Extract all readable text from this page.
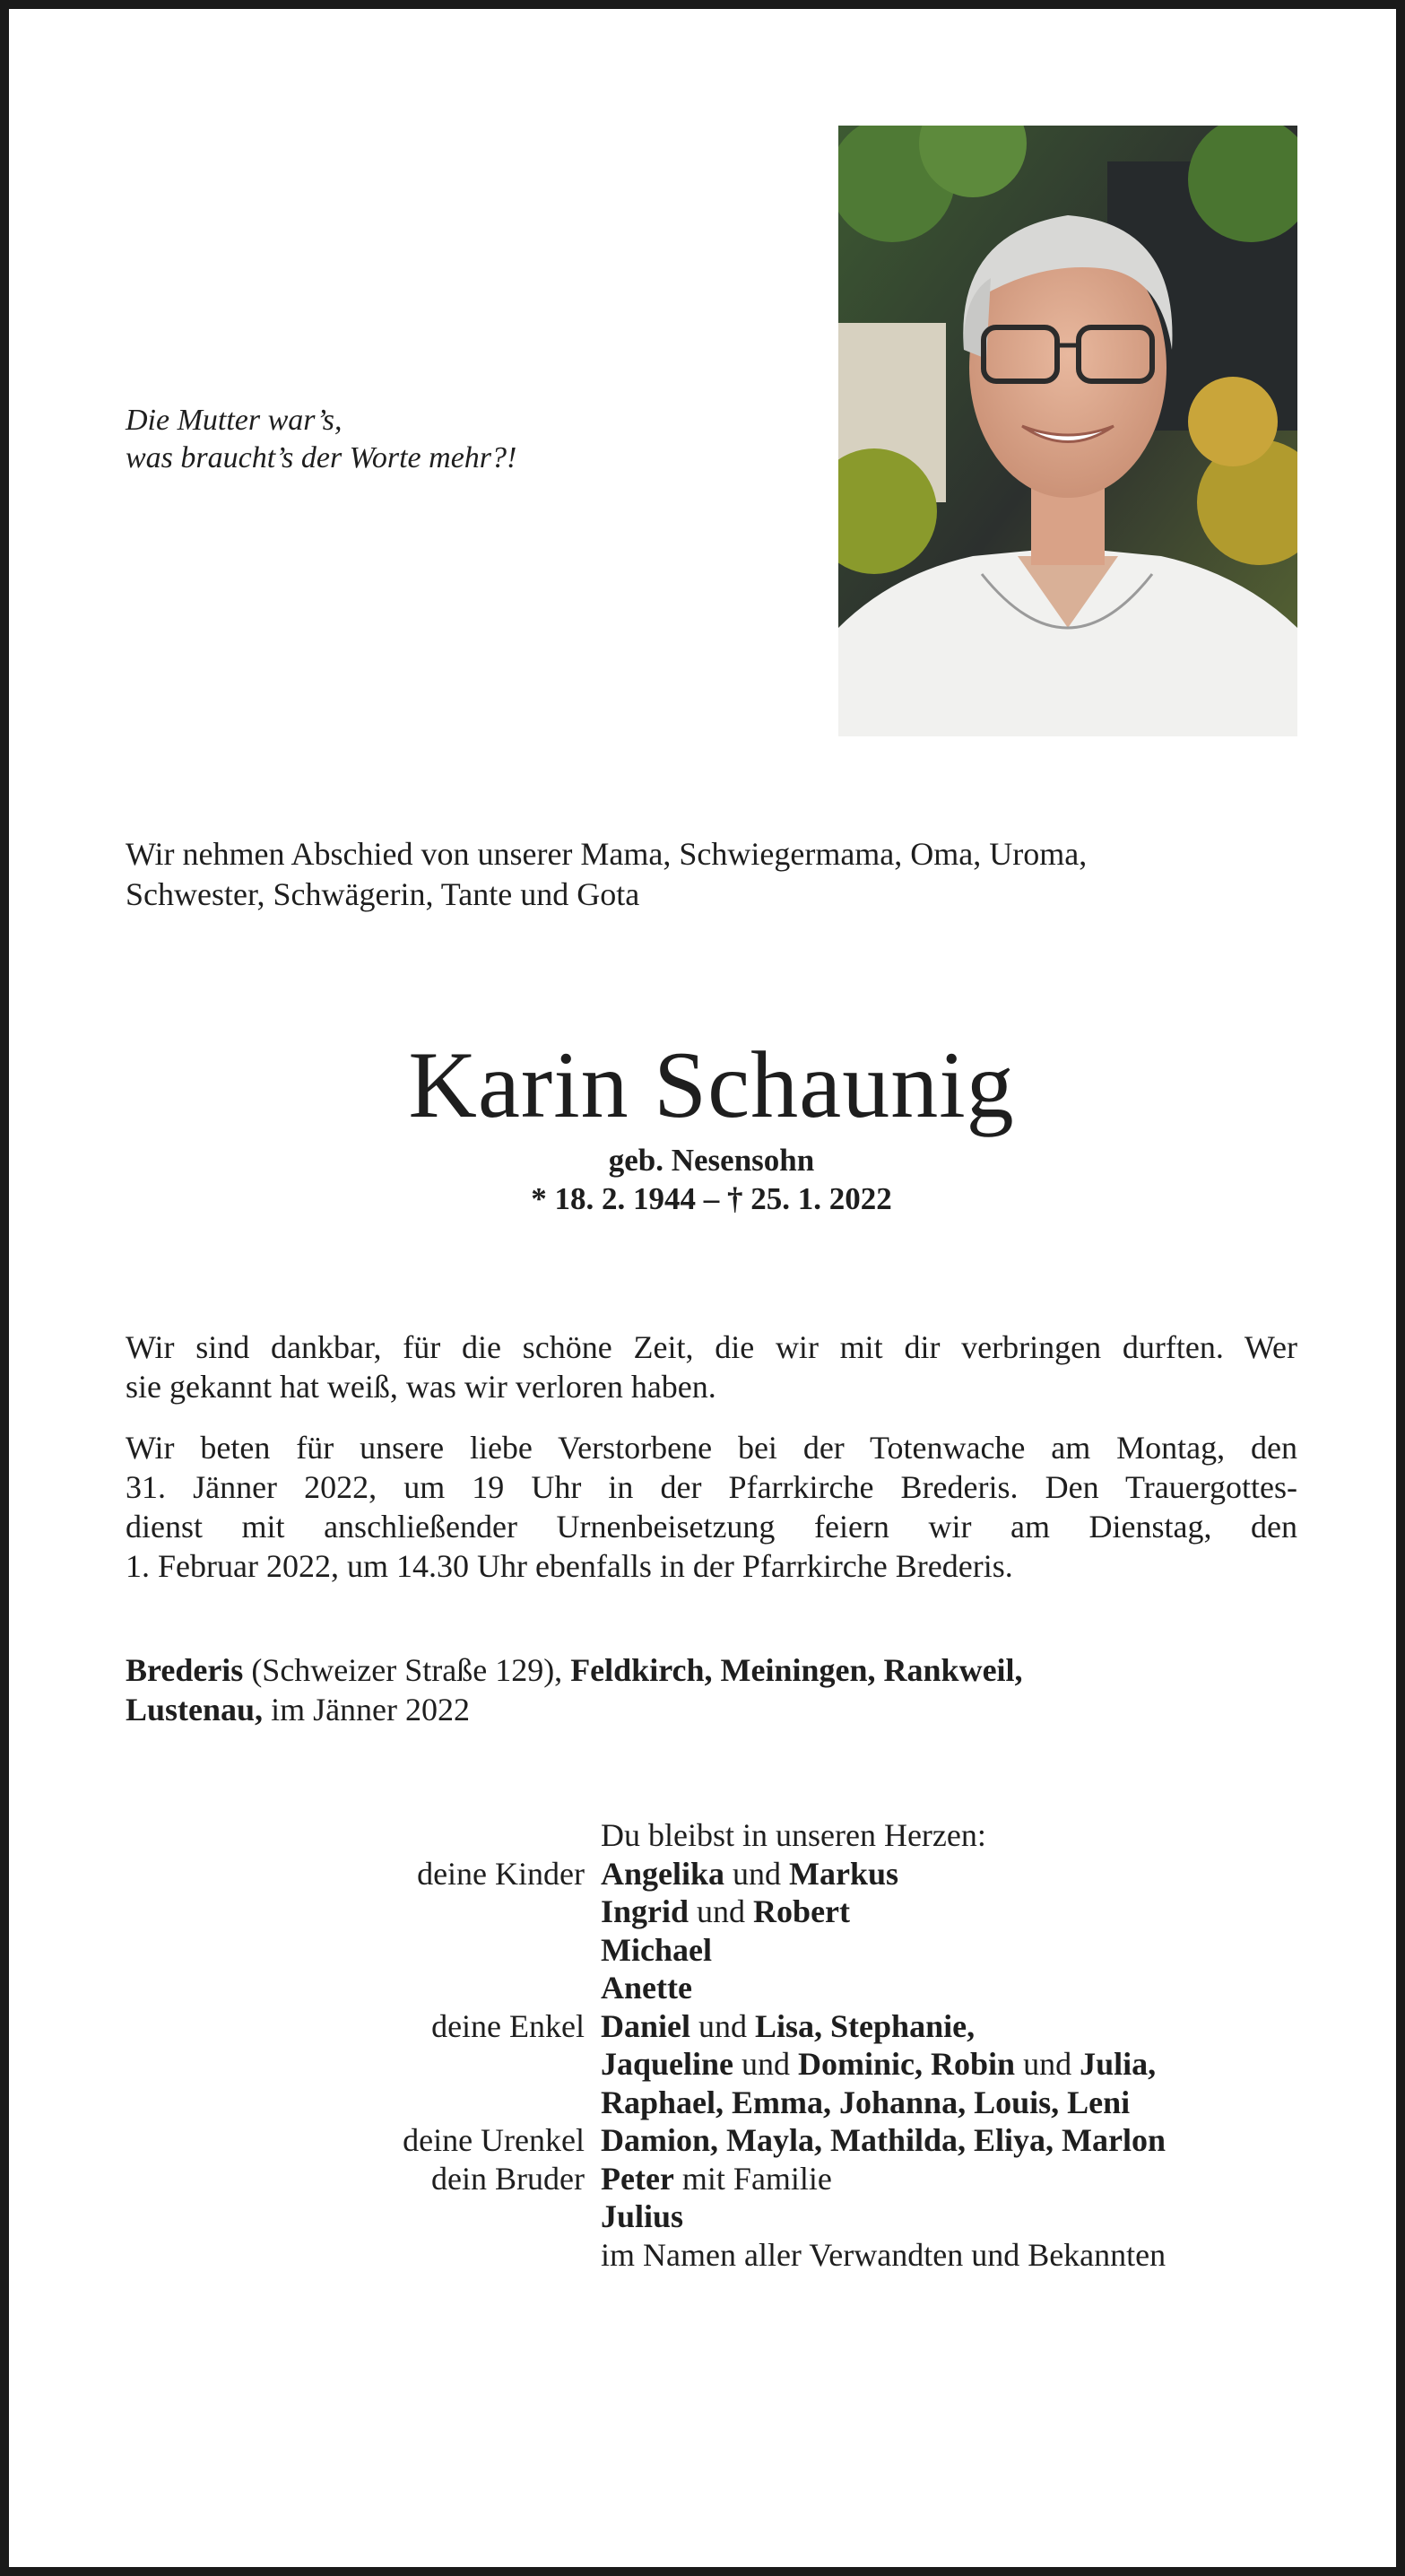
Die Mutter war’s,
was braucht’s der Worte mehr?!
Wir nehmen Abschied von unserer Mama, Schwiegermama, Oma, Uroma,
Schwester, Schwägerin, Tante und Gota
Karin Schaunig
geb. Nesensohn
* 18. 2. 1944 – † 25. 1. 2022
Wir sind dankbar, für die schöne Zeit, die wir mit dir verbringen durften. Wer
sie gekannt hat weiß, was wir verloren haben.
Wir beten für unsere liebe Verstorbene bei der Totenwache am Montag, den
31. Jänner 2022, um 19 Uhr in der Pfarrkirche Brederis. Den Trauergottes-
dienst mit anschließender Urnenbeisetzung feiern wir am Dienstag, den
1. Februar 2022, um 14.30 Uhr ebenfalls in der Pfarrkirche Brederis.
Brederis (Schweizer Straße 129), Feldkirch, Meiningen, Rankweil,
Lustenau, im Jänner 2022
Du bleibst in unseren Herzen:
deine Kinder Angelika und Markus
Ingrid und Robert
Michael
Anette
deine Enkel Daniel und Lisa, Stephanie,
Jaqueline und Dominic, Robin und Julia,
Raphael, Emma, Johanna, Louis, Leni
deine Urenkel Damion, Mayla, Mathilda, Eliya, Marlon
dein Bruder Peter mit Familie
Julius
im Namen aller Verwandten und Bekannten
